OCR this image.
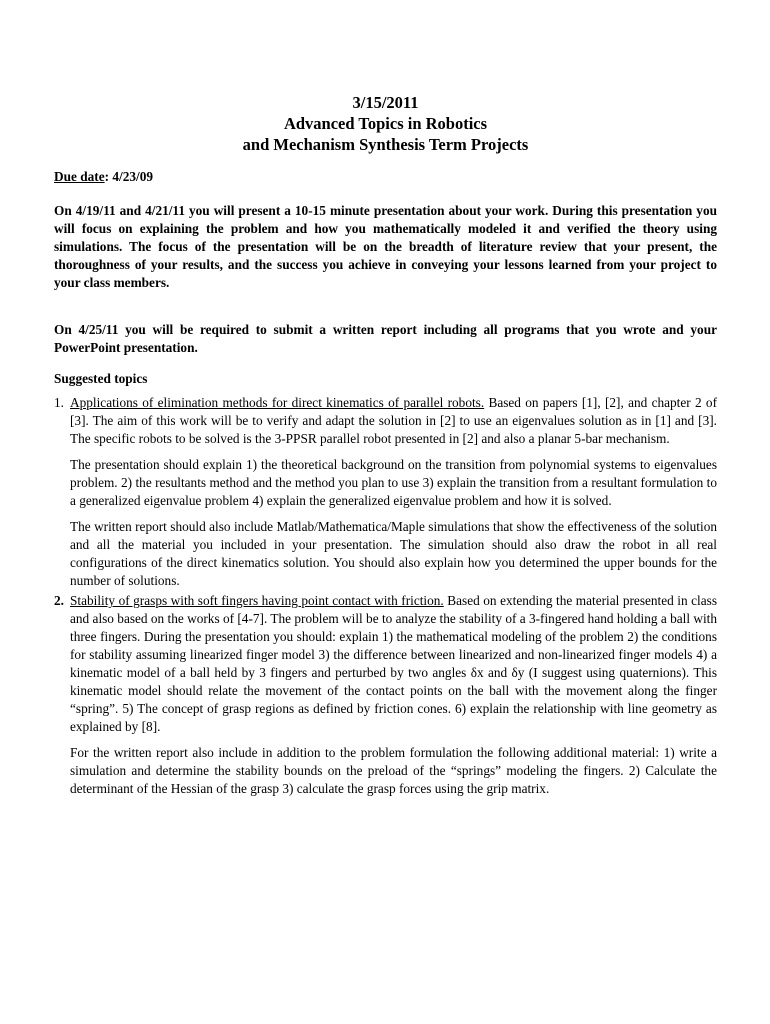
3/15/2011
Advanced Topics in Robotics
and Mechanism Synthesis Term Projects
Due date: 4/23/09

On 4/19/11 and 4/21/11 you will present a 10-15 minute presentation about your work. During this presentation you will focus on explaining the problem and how you mathematically modeled it and verified the theory using simulations. The focus of the presentation will be on the breadth of literature review that your present, the thoroughness of your results, and the success you achieve in conveying your lessons learned from your project to your class members.

On 4/25/11 you will be required to submit a written report including all programs that you wrote and your PowerPoint presentation.

Suggested topics
1. Applications of elimination methods for direct kinematics of parallel robots. Based on papers [1], [2], and chapter 2 of [3]. The aim of this work will be to verify and adapt the solution in [2] to use an eigenvalues solution as in [1] and [3]. The specific robots to be solved is the 3-PPSR parallel robot presented in [2] and also a planar 5-bar mechanism.

The presentation should explain 1) the theoretical background on the transition from polynomial systems to eigenvalues problem. 2) the resultants method and the method you plan to use 3) explain the transition from a resultant formulation to a generalized eigenvalue problem 4) explain the generalized eigenvalue problem and how it is solved.

The written report should also include Matlab/Mathematica/Maple simulations that show the effectiveness of the solution and all the material you included in your presentation. The simulation should also draw the robot in all real configurations of the direct kinematics solution. You should also explain how you determined the upper bounds for the number of solutions.

2. Stability of grasps with soft fingers having point contact with friction. Based on extending the material presented in class and also based on the works of [4-7]. The problem will be to analyze the stability of a 3-fingered hand holding a ball with three fingers. During the presentation you should: explain 1) the mathematical modeling of the problem 2) the conditions for stability assuming linearized finger model 3) the difference between linearized and non-linearized finger models 4) a kinematic model of a ball held by 3 fingers and perturbed by two angles δx and δy (I suggest using quaternions). This kinematic model should relate the movement of the contact points on the ball with the movement along the finger “spring”. 5) The concept of grasp regions as defined by friction cones. 6) explain the relationship with line geometry as explained by [8].

For the written report also include in addition to the problem formulation the following additional material: 1) write a simulation and determine the stability bounds on the preload of the “springs” modeling the fingers. 2) Calculate the determinant of the Hessian of the grasp 3) calculate the grasp forces using the grip matrix.
